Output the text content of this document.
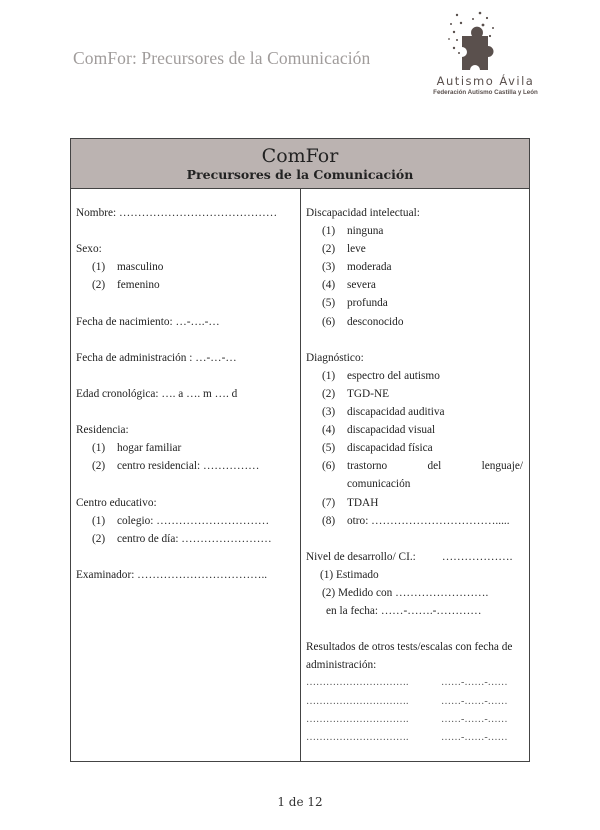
ComFor: Precursores de la Comunicación
Autismo Ávila
Federación Autismo Castilla y León
ComFor
Precursores de la Comunicación
Nombre: ……………………………………
Sexo:
(1) masculino
(2) femenino
Fecha de nacimiento: …-….-…
Fecha de administración : …-…-…
Edad cronológica: …. a …. m …. d
Residencia:
(1) hogar familiar
(2) centro residencial: ……………
Centro educativo:
(1) colegio: …………………………
(2) centro de día: ……………………
Examinador: ……………………………..
Discapacidad intelectual:
(1) ninguna
(2) leve
(3) moderada
(4) severa
(5) profunda
(6) desconocido
Diagnóstico:
(1) espectro del autismo
(2) TGD-NE
(3) discapacidad auditiva
(4) discapacidad visual
(5) discapacidad física
(6)	trastorno	del	lenguaje/
comunicación
(7) TDAH
(8) otro: …………………………….....
Nivel de desarrollo/ CI.: ……………….
(1) Estimado
(2) Medido con …………………….
en la fecha: ……-…….-…………
Resultados de otros tests/escalas con fecha de administración:
………………………….	……-……-……
………………………….	……-……-……
………………………….	……-……-……
………………………….	……-……-……
1 de 12
